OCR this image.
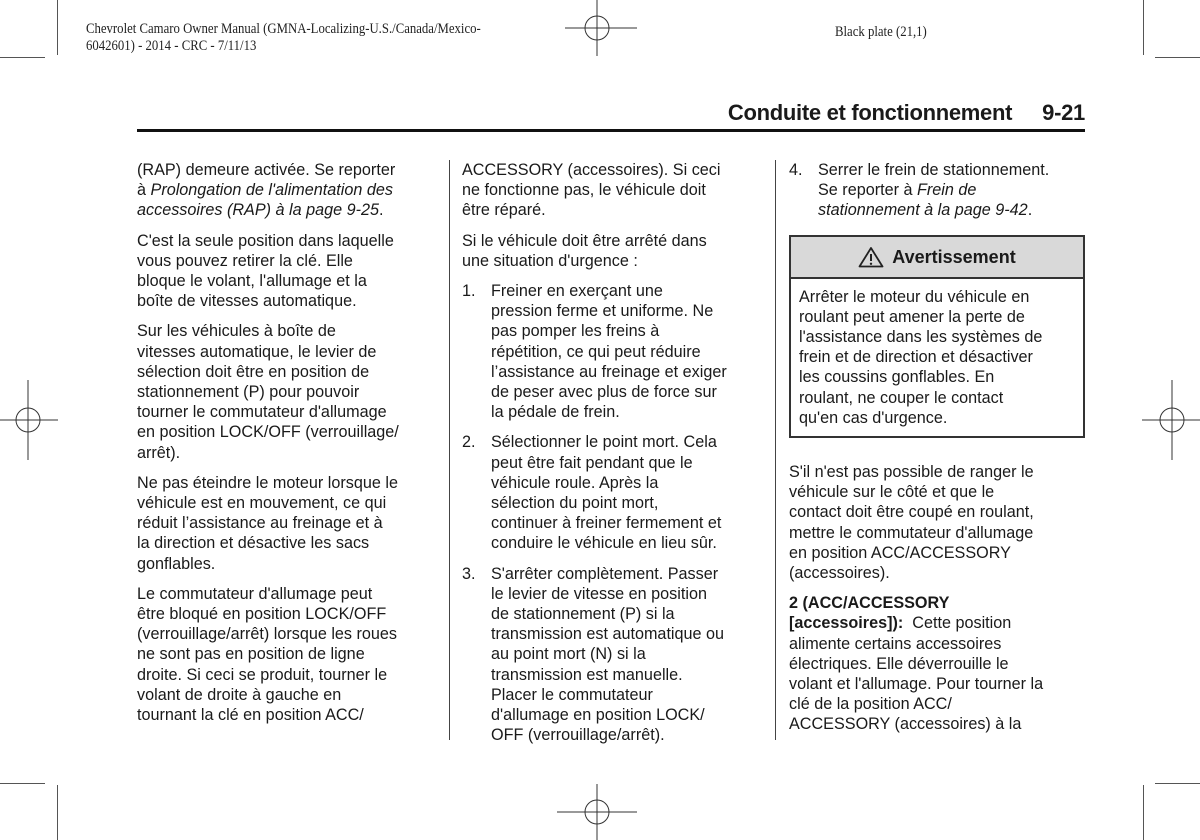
Chevrolet Camaro Owner Manual (GMNA-Localizing-U.S./Canada/Mexico-
6042601) - 2014 - CRC - 7/11/13
Black plate (21,1)
Conduite et fonctionnement 9-21

(RAP) demeure activée. Se reporter
à Prolongation de l'alimentation des
accessoires (RAP) à la page 9-25.

C'est la seule position dans laquelle
vous pouvez retirer la clé. Elle
bloque le volant, l'allumage et la
boîte de vitesses automatique.

Sur les véhicules à boîte de
vitesses automatique, le levier de
sélection doit être en position de
stationnement (P) pour pouvoir
tourner le commutateur d'allumage
en position LOCK/OFF (verrouillage/
arrêt).

Ne pas éteindre le moteur lorsque le
véhicule est en mouvement, ce qui
réduit l’assistance au freinage et à
la direction et désactive les sacs
gonflables.

Le commutateur d'allumage peut
être bloqué en position LOCK/OFF
(verrouillage/arrêt) lorsque les roues
ne sont pas en position de ligne
droite. Si ceci se produit, tourner le
volant de droite à gauche en
tournant la clé en position ACC/

ACCESSORY (accessoires). Si ceci
ne fonctionne pas, le véhicule doit
être réparé.

Si le véhicule doit être arrêté dans
une situation d'urgence :

1. Freiner en exerçant une
pression ferme et uniforme. Ne
pas pomper les freins à
répétition, ce qui peut réduire
l’assistance au freinage et exiger
de peser avec plus de force sur
la pédale de frein.
2. Sélectionner le point mort. Cela
peut être fait pendant que le
véhicule roule. Après la
sélection du point mort,
continuer à freiner fermement et
conduire le véhicule en lieu sûr.
3. S'arrêter complètement. Passer
le levier de vitesse en position
de stationnement (P) si la
transmission est automatique ou
au point mort (N) si la
transmission est manuelle.
Placer le commutateur
d'allumage en position LOCK/
OFF (verrouillage/arrêt).
4. Serrer le frein de stationnement.
Se reporter à Frein de
stationnement à la page 9-42.
Avertissement
Arrêter le moteur du véhicule en
roulant peut amener la perte de
l'assistance dans les systèmes de
frein et de direction et désactiver
les coussins gonflables. En
roulant, ne couper le contact
qu'en cas d'urgence.

S'il n'est pas possible de ranger le
véhicule sur le côté et que le
contact doit être coupé en roulant,
mettre le commutateur d'allumage
en position ACC/ACCESSORY
(accessoires).

2 (ACC/ACCESSORY
[accessoires]):  Cette position
alimente certains accessoires
électriques. Elle déverrouille le
volant et l'allumage. Pour tourner la
clé de la position ACC/
ACCESSORY (accessoires) à la
